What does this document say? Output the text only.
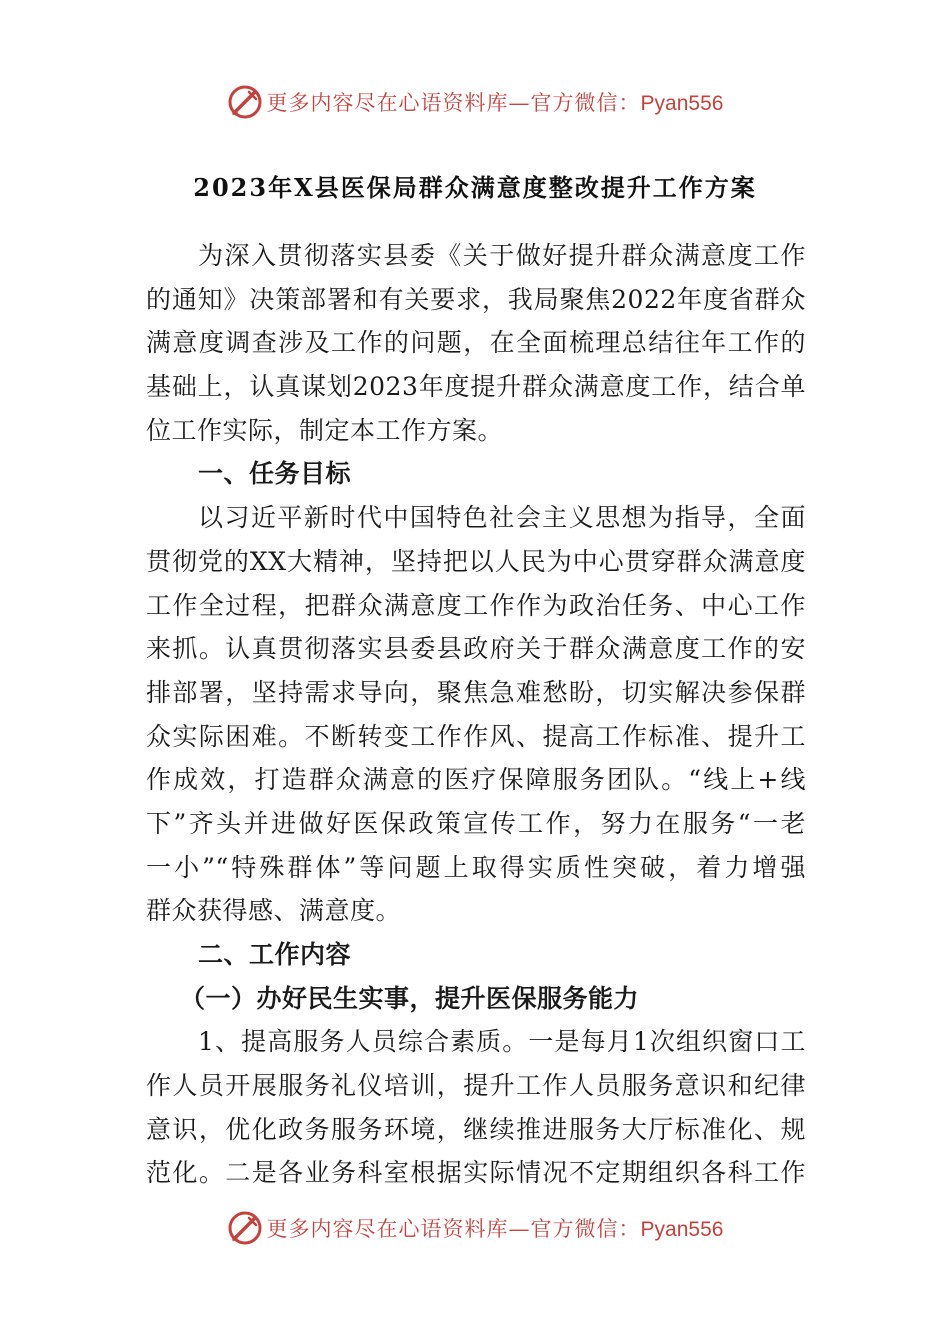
更多内容尽在心语资料库—官方微信：Pyan556
2023年X县医保局群众满意度整改提升工作方案
为深入贯彻落实县委《关于做好提升群众满意度工作
的通知》决策部署和有关要求，我局聚焦2022年度省群众
满意度调查涉及工作的问题，在全面梳理总结往年工作的
基础上，认真谋划2023年度提升群众满意度工作，结合单
位工作实际，制定本工作方案。
一、任务目标
以习近平新时代中国特色社会主义思想为指导，全面
贯彻党的XX大精神，坚持把以人民为中心贯穿群众满意度
工作全过程，把群众满意度工作作为政治任务、中心工作
来抓。认真贯彻落实县委县政府关于群众满意度工作的安
排部署，坚持需求导向，聚焦急难愁盼，切实解决参保群
众实际困难。不断转变工作作风、提高工作标准、提升工
作成效，打造群众满意的医疗保障服务团队。“线上+线
下”齐头并进做好医保政策宣传工作，努力在服务“一老
一小”“特殊群体”等问题上取得实质性突破，着力增强
群众获得感、满意度。
二、工作内容
（一）办好民生实事，提升医保服务能力
1、提高服务人员综合素质。一是每月1次组织窗口工
作人员开展服务礼仪培训，提升工作人员服务意识和纪律
意识，优化政务服务环境，继续推进服务大厅标准化、规
范化。二是各业务科室根据实际情况不定期组织各科工作
更多内容尽在心语资料库—官方微信：Pyan556
